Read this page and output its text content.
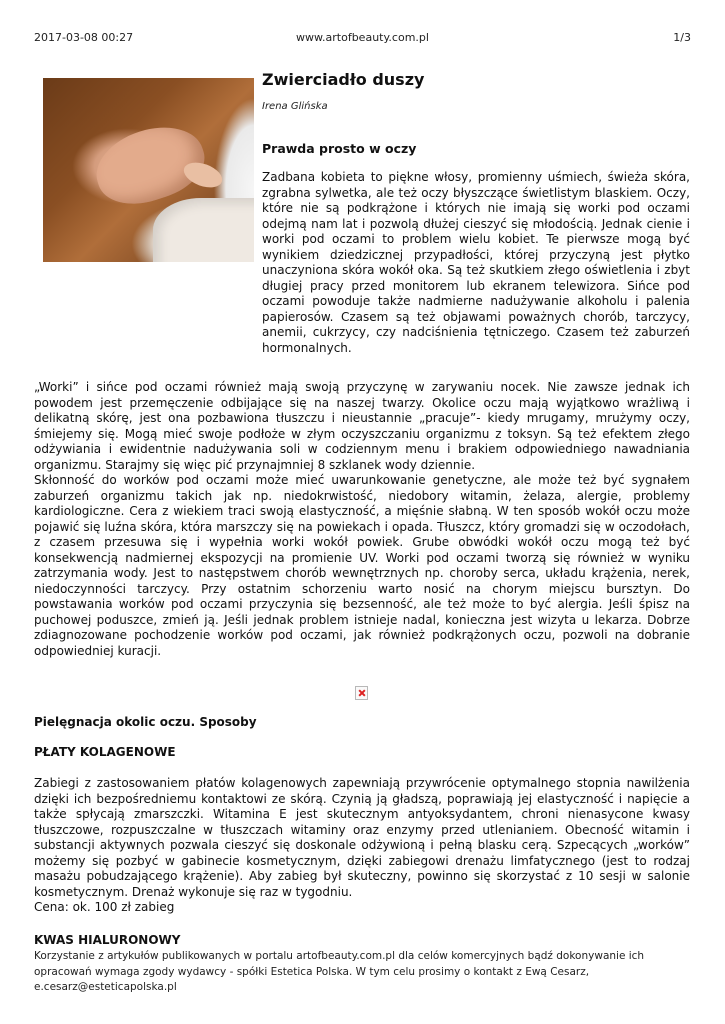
2017-03-08 00:27	www.artofbeauty.com.pl	1/3
Zwierciadło duszy
Irena Glińska
Prawda prosto w oczy

Zadbana kobieta to piękne włosy, promienny uśmiech, świeża skóra, zgrabna sylwetka, ale też oczy błyszczące świetlistym blaskiem. Oczy, które nie są podkrążone i których nie imają się worki pod oczami odejmą nam lat i pozwolą dłużej cieszyć się młodością. Jednak cienie i worki pod oczami to problem wielu kobiet. Te pierwsze mogą być wynikiem dziedzicznej przypadłości, której przyczyną jest płytko unaczyniona skóra wokół oka. Są też skutkiem złego oświetlenia i zbyt długiej pracy przed monitorem lub ekranem telewizora. Sińce pod oczami powoduje także nadmierne nadużywanie alkoholu i palenia papierosów. Czasem są też objawami poważnych chorób, tarczycy, anemii, cukrzycy, czy nadciśnienia tętniczego. Czasem też zaburzeń hormonalnych.

„Worki” i sińce pod oczami również mają swoją przyczynę w zarywaniu nocek. Nie zawsze jednak ich powodem jest przemęczenie odbijające się na naszej twarzy. Okolice oczu mają wyjątkowo wrażliwą i delikatną skórę, jest ona pozbawiona tłuszczu i nieustannie „pracuje”- kiedy mrugamy, mrużymy oczy, śmiejemy się. Mogą mieć swoje podłoże w złym oczyszczaniu organizmu z toksyn. Są też efektem złego odżywiania i ewidentnie nadużywania soli w codziennym menu i brakiem odpowiedniego nawadniania organizmu. Starajmy się więc pić przynajmniej 8 szklanek wody dziennie.
Skłonność do worków pod oczami może mieć uwarunkowanie genetyczne, ale może też być sygnałem zaburzeń organizmu takich jak np. niedokrwistość, niedobory witamin, żelaza, alergie, problemy kardiologiczne. Cera z wiekiem traci swoją elastyczność, a mięśnie słabną. W ten sposób wokół oczu może pojawić się luźna skóra, która marszczy się na powiekach i opada. Tłuszcz, który gromadzi się w oczodołach, z czasem przesuwa się i wypełnia worki wokół powiek. Grube obwódki wokół oczu mogą też być konsekwencją nadmiernej ekspozycji na promienie UV. Worki pod oczami tworzą się również w wyniku zatrzymania wody. Jest to następstwem chorób wewnętrznych np. choroby serca, układu krążenia, nerek, niedoczynności tarczycy. Przy ostatnim schorzeniu warto nosić na chorym miejscu bursztyn. Do powstawania worków pod oczami przyczynia się bezsenność, ale też może to być alergia. Jeśli śpisz na puchowej poduszce, zmień ją. Jeśli jednak problem istnieje nadal, konieczna jest wizyta u lekarza. Dobrze zdiagnozowane pochodzenie worków pod oczami, jak również podkrążonych oczu, pozwoli na dobranie odpowiedniej kuracji.
Pielęgnacja okolic oczu. Sposoby
PŁATY KOLAGENOWE
Zabiegi z zastosowaniem płatów kolagenowych zapewniają przywrócenie optymalnego stopnia nawilżenia dzięki ich bezpośredniemu kontaktowi ze skórą. Czynią ją gładszą, poprawiają jej elastyczność i napięcie a także spłycają zmarszczki. Witamina E jest skutecznym antyoksydantem, chroni nienasycone kwasy tłuszczowe, rozpuszczalne w tłuszczach witaminy oraz enzymy przed utlenianiem. Obecność witamin i substancji aktywnych pozwala cieszyć się doskonale odżywioną i pełną blasku cerą. Szpecących „worków” możemy się pozbyć w gabinecie kosmetycznym, dzięki zabiegowi drenażu limfatycznego (jest to rodzaj masażu pobudzającego krążenie). Aby zabieg był skuteczny, powinno się skorzystać z 10 sesji w salonie kosmetycznym. Drenaż wykonuje się raz w tygodniu.
Cena: ok. 100 zł zabieg
KWAS HIALURONOWY
Korzystanie z artykułów publikowanych w portalu artofbeauty.com.pl dla celów komercyjnych bądź dokonywanie ich opracowań wymaga zgody wydawcy - spółki Estetica Polska. W tym celu prosimy o kontakt z Ewą Cesarz,
e.cesarz@esteticapolska.pl
